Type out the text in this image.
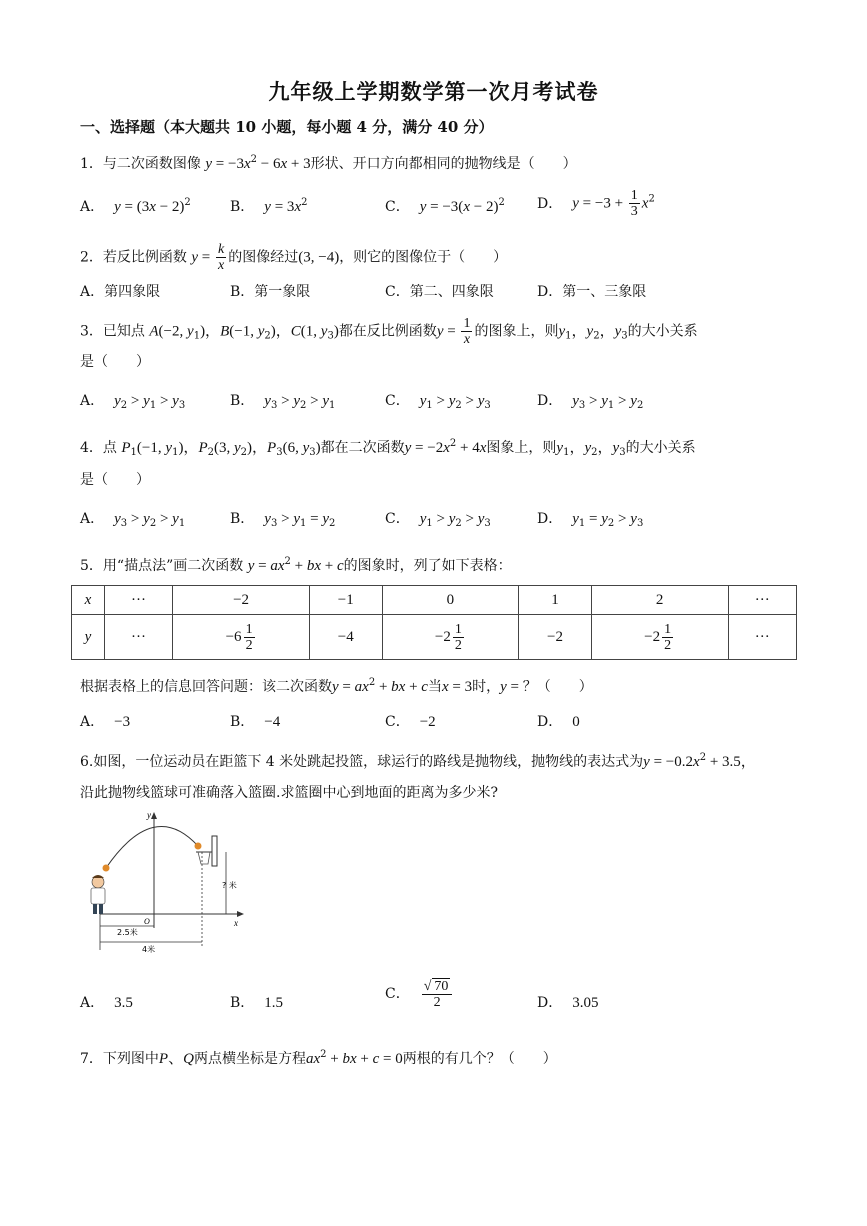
九年级上学期数学第一次月考试卷
一、选择题（本大题共 10 小题，每小题 4 分，满分 40 分）
1．与二次函数图像 $y = -3x^2 - 6x + 3$形状、开口方向都相同的抛物线是（　　）
A． $y = (3x - 2)^2$	B． $y = 3x^2$	C． $y = -3(x - 2)^2$ D． $y = -3 + \frac{1}{3} x^2$
2．若反比例函数 $y = \frac{k}{x}$ 的图像经过(3, −4)，则它的图像位于（　　）
A．第四象限	B．第一象限	C．第二、四象限	D．第一、三象限
3．已知点 A(−2, $y_1$)，B(−1, $y_2$)，C(1, $y_3$)都在反比例函数$y = \frac{1}{x}$ 的图象上，则$y_1$，$y_2$，$y_3$的大小关系
是（　　）
A． $y_2 > y_1 > y_3$	B． $y_3 > y_2 > y_1$	C． $y_1 > y_2 > y_3$	D． $y_3 > y_1 > y_2$
4．点 $P_1(-1$, $y_1$)，$P_2(3$, $y_2$)，$P_3(6$, $y_3$)都在二次函数$y = -2x^2 + 4x$图象上，则$y_1$，$y_2$，$y_3$的大小关系
是（　　）
A． $y_3 > y_2 > y_1$	B． $y_3 > y_1 = y_2$	C． $y_1 > y_2 > y_3$	D． $y_1 = y_2 > y_3$
5．用“描点法”画二次函数 $y = ax^2$ + bx + c的图象时，列了如下表格：
x	···	−2	−1	0	1	2	···
y	···	$-6 \frac{1}{2}$	−4	$-2 \frac{1}{2}$	−2	$-2 \frac{1}{2}$	···
根据表格上的信息回答问题：该二次函数$y = ax^2$ + bx + c当x = 3时，y = ？（　　）
A． −3	B． −4	C． −2	D． 0
6.如图，一位运动员在距篮下 4 米处跳起投篮，球运行的路线是抛物线，抛物线的表达式为$y = -0.2x^2 + 3.5$，
沿此抛物线篮球可准确落入篮圈.求篮圈中心到地面的距离为多少米?
y
x
O
? 米
2.5米
4米
A． 3.5	B． 1.5
C． $\frac{√ 70}{2}$	D． 3.05
7．下列图中P、Q两点横坐标是方程$ax^2$ + bx + c = 0两根的有几个？（　　）
